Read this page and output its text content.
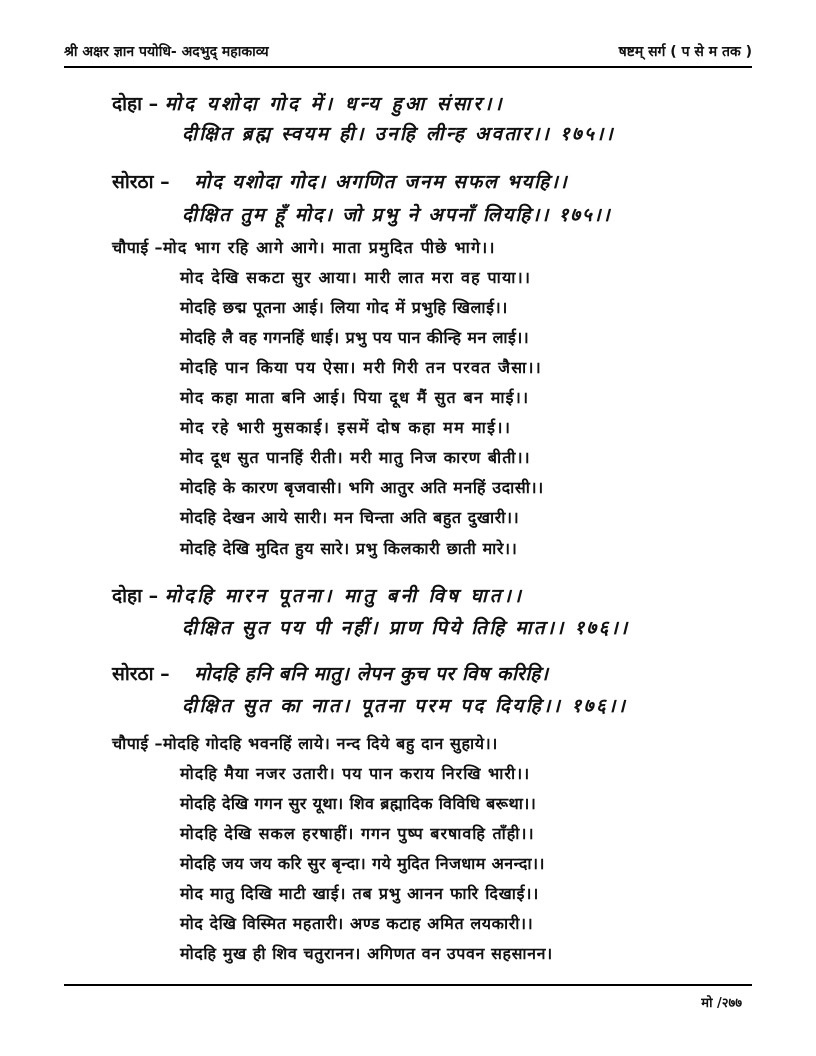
श्री अक्षर ज्ञान पयोधि- अदभुद् महाकाव्य	षष्टम् सर्ग ( प से म तक )
दोहा – मोद यशोदा गोद में। धन्य हुआ संसार।।
दीक्षित ब्रह्म स्वयम ही। उनहि लीन्ह अवतार।। १७५।।
सोरठा – मोद यशोदा गोद। अगणित जनम सफल भयहि।।
दीक्षित तुम हूँ मोद। जो प्रभु ने अपनाँ लियहि।। १७५।।
चौपाई –मोद भाग रहि आगे आगे। माता प्रमुदित पीछे भागे।।
मोद देखि सकटा सुर आया। मारी लात मरा वह पाया।।
मोदहि छद्म पूतना आई। लिया गोद में प्रभुहि खिलाई।।
मोदहि लै वह गगनहिं धाई। प्रभु पय पान कीन्हि मन लाई।।
मोदहि पान किया पय ऐसा। मरी गिरी तन परवत जैसा।।
मोद कहा माता बनि आई। पिया दूध मैं सुत बन माई।।
मोद रहे भारी मुसकाई। इसमें दोष कहा मम माई।।
मोद दूध सुत पानहिं रीती। मरी मातु निज कारण बीती।।
मोदहि के कारण बृजवासी। भगि आतुर अति मनहिं उदासी।।
मोदहि देखन आये सारी। मन चिन्ता अति बहुत दुखारी।।
मोदहि देखि मुदित हुय सारे। प्रभु किलकारी छाती मारे।।
दोहा – मोदहि मारन पूतना। मातु बनी विष घात।।
दीक्षित सुत पय पी नहीं। प्राण पिये तिहि मात।। १७६।।
सोरठा – मोदहि हनि बनि मातु। लेपन कुच पर विष करिहि।
दीक्षित सुत का नात। पूतना परम पद दियहि।। १७६।।
चौपाई –मोदहि गोदहि भवनहिं लाये। नन्द दिये बहु दान सुहाये।।
मोदहि मैया नजर उतारी। पय पान कराय निरखि भारी।।
मोदहि देखि गगन सुर यूथा। शिव ब्रह्मादिक विविधि बरूथा।।
मोदहि देखि सकल हरषाहीं। गगन पुष्प बरषावहि ताँही।।
मोदहि जय जय करि सुर बृन्दा। गये मुदित निजधाम अनन्दा।।
मोद मातु दिखि माटी खाई। तब प्रभु आनन फारि दिखाई।।
मोद देखि विस्मित महतारी। अण्ड कटाह अमित लयकारी।।
मोदहि मुख ही शिव चतुरानन। अगिणत वन उपवन सहसानन।
मो /२७७
